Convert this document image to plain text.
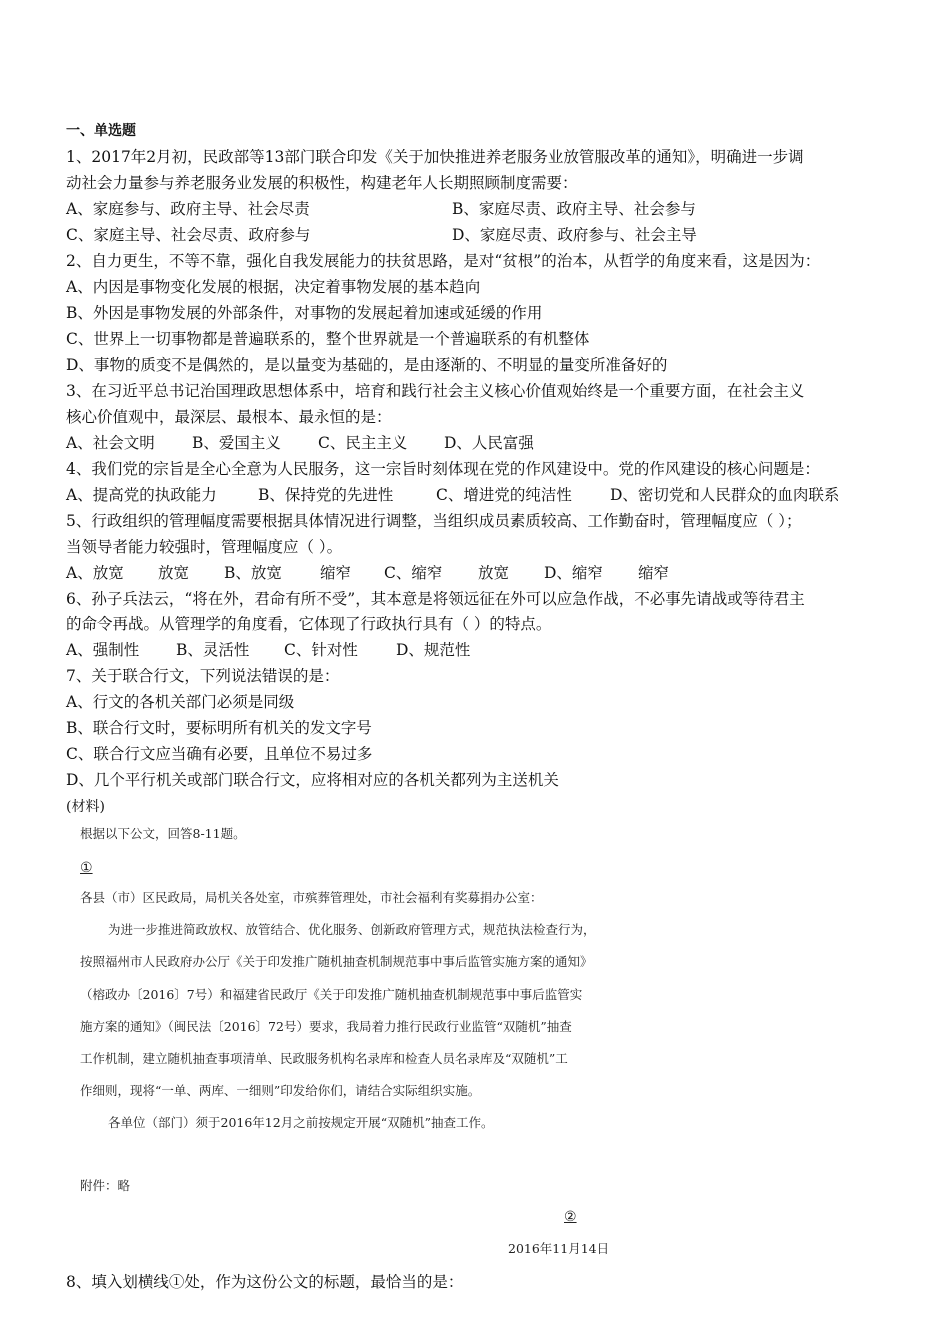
一、单选题
1、2017年2月初，民政部等13部门联合印发《关于加快推进养老服务业放管服改革的通知》，明确进一步调
动社会力量参与养老服务业发展的积极性，构建老年人长期照顾制度需要：
A、家庭参与、政府主导、社会尽责	B、家庭尽责、政府主导、社会参与
C、家庭主导、社会尽责、政府参与	D、家庭尽责、政府参与、社会主导
2、自力更生，不等不靠，强化自我发展能力的扶贫思路，是对“贫根”的治本，从哲学的角度来看，这是因为：
A、内因是事物变化发展的根据，决定着事物发展的基本趋向
B、外因是事物发展的外部条件，对事物的发展起着加速或延缓的作用
C、世界上一切事物都是普遍联系的，整个世界就是一个普遍联系的有机整体
D、事物的质变不是偶然的，是以量变为基础的，是由逐渐的、不明显的量变所准备好的
3、在习近平总书记治国理政思想体系中，培育和践行社会主义核心价值观始终是一个重要方面，在社会主义
核心价值观中，最深层、最根本、最永恒的是：
A、社会文明 B、爱国主义 C、民主主义 D、人民富强
4、我们党的宗旨是全心全意为人民服务，这一宗旨时刻体现在党的作风建设中。党的作风建设的核心问题是：
A、提高党的执政能力	B、保持党的先进性	C、增进党的纯洁性 D、密切党和人民群众的血肉联系
5、行政组织的管理幅度需要根据具体情况进行调整，当组织成员素质较高、工作勤奋时，管理幅度应（ ）；
当领导者能力较强时，管理幅度应（ ）。
A、放宽 放宽 B、放宽 缩窄 C、缩窄 放宽 D、缩窄 缩窄
6、孙子兵法云，“将在外，君命有所不受”，其本意是将领远征在外可以应急作战，不必事先请战或等待君主
的命令再战。从管理学的角度看，它体现了行政执行具有（ ）的特点。
A、强制性 B、灵活性 C、针对性 D、规范性
7、关于联合行文，下列说法错误的是：
A、行文的各机关部门必须是同级
B、联合行文时，要标明所有机关的发文字号
C、联合行文应当确有必要，且单位不易过多
D、几个平行机关或部门联合行文，应将相对应的各机关都列为主送机关
(材料)
根据以下公文，回答8-11题。
①
各县（市）区民政局，局机关各处室，市殡葬管理处，市社会福利有奖募捐办公室：
为进一步推进简政放权、放管结合、优化服务、创新政府管理方式，规范执法检查行为，
按照福州市人民政府办公厅《关于印发推广随机抽查机制规范事中事后监管实施方案的通知》
（榕政办〔2016〕7号）和福建省民政厅《关于印发推广随机抽查机制规范事中事后监管实
施方案的通知》（闽民法〔2016〕72号）要求，我局着力推行民政行业监管“双随机”抽查
工作机制，建立随机抽查事项清单、民政服务机构名录库和检查人员名录库及“双随机”工
作细则，现将“一单、两库、一细则”印发给你们，请结合实际组织实施。
各单位（部门）须于2016年12月之前按规定开展“双随机”抽查工作。
附件：略
②
2016年11月14日
8、填入划横线①处，作为这份公文的标题，最恰当的是：
